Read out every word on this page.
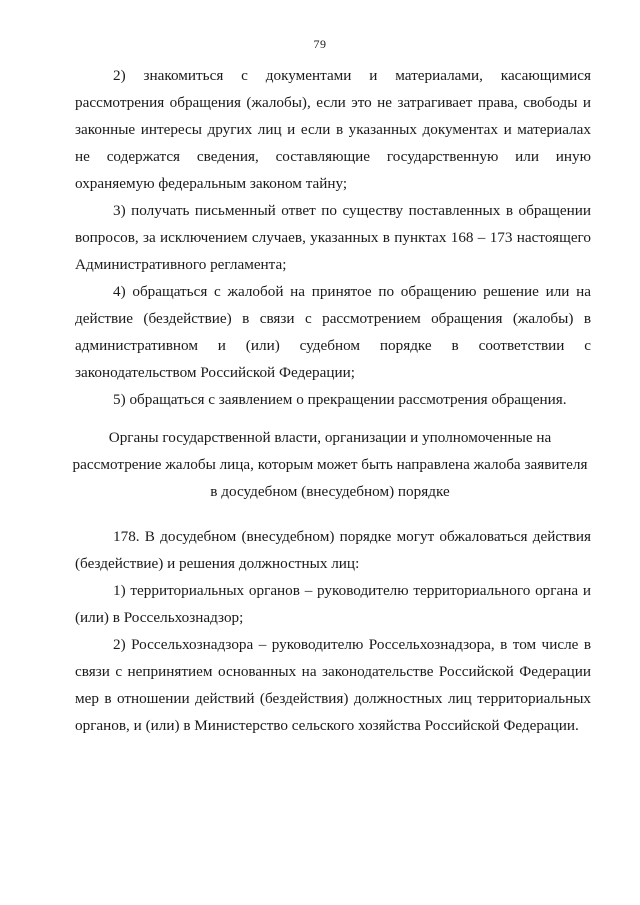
79

2) знакомиться с документами и материалами, касающимися рассмотрения обращения (жалобы), если это не затрагивает права, свободы и законные интересы других лиц и если в указанных документах и материалах не содержатся сведения, составляющие государственную или иную охраняемую федеральным законом тайну;

3) получать письменный ответ по существу поставленных в обращении вопросов, за исключением случаев, указанных в пунктах 168 – 173 настоящего Административного регламента;

4) обращаться с жалобой на принятое по обращению решение или на действие (бездействие) в связи с рассмотрением обращения (жалобы) в административном и (или) судебном порядке в соответствии с законодательством Российской Федерации;

5) обращаться с заявлением о прекращении рассмотрения обращения.

Органы государственной власти, организации и уполномоченные на

рассмотрение жалобы лица, которым может быть направлена жалоба заявителя

в досудебном (внесудебном) порядке

178. В досудебном (внесудебном) порядке могут обжаловаться действия (бездействие) и решения должностных лиц:

1) территориальных органов – руководителю территориального органа и (или) в Россельхознадзор;

2) Россельхознадзора – руководителю Россельхознадзора, в том числе в связи с непринятием основанных на законодательстве Российской Федерации мер в отношении действий (бездействия) должностных лиц территориальных органов, и (или) в Министерство сельского хозяйства Российской Федерации.
